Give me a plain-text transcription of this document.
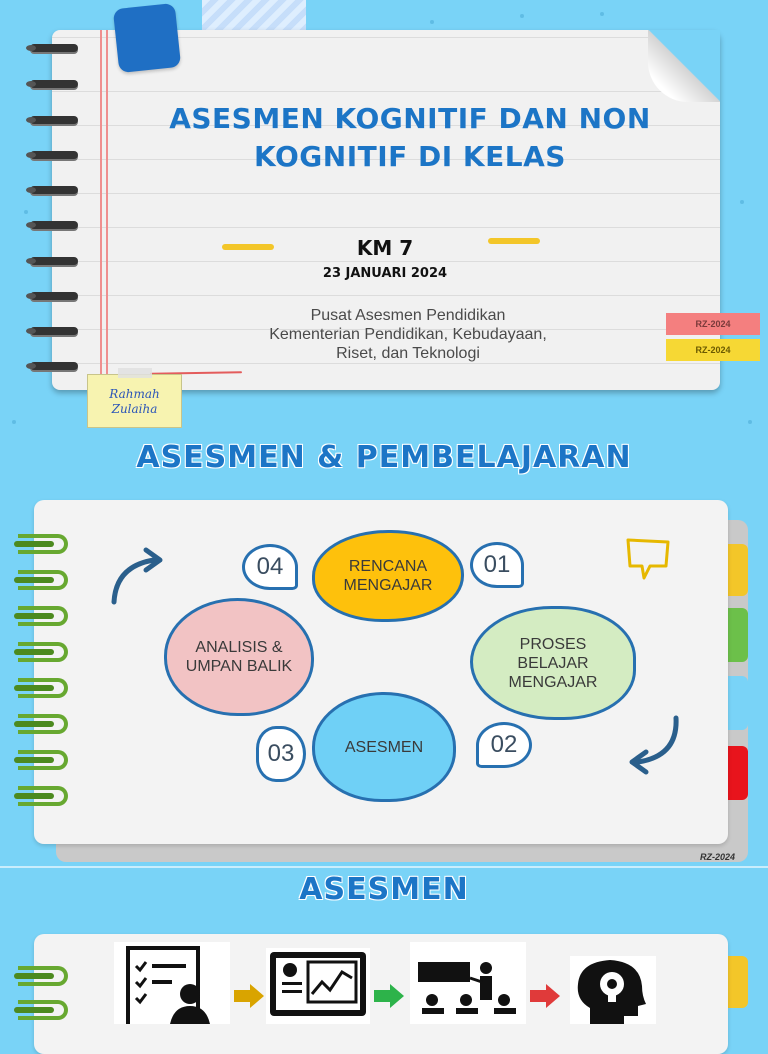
ASESMEN KOGNITIF DAN NON KOGNITIF DI KELAS
KM 7
23 JANUARI 2024
Pusat Asesmen Pendidikan
Kementerian Pendidikan, Kebudayaan,
Riset, dan Teknologi
RZ-2024
RZ-2024
Rahmah
Zulaiha
ASESMEN & PEMBELAJARAN
RENCANA MENGAJAR
PROSES BELAJAR MENGAJAR
ASESMEN
ANALISIS & UMPAN BALIK
01
02
03
04
RZ-2024
ASESMEN
